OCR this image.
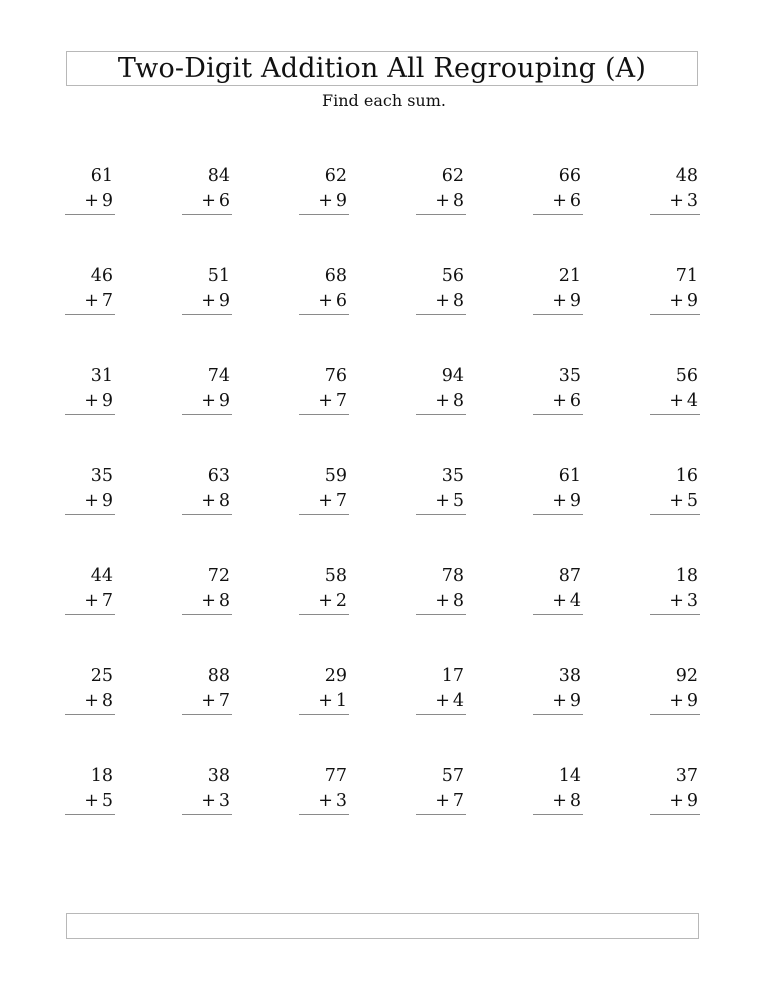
Two-Digit Addition All Regrouping (A)
Find each sum.
61
+ 9
84
+ 6
62
+ 9
62
+ 8
66
+ 6
48
+ 3
46
+ 7
51
+ 9
68
+ 6
56
+ 8
21
+ 9
71
+ 9
31
+ 9
74
+ 9
76
+ 7
94
+ 8
35
+ 6
56
+ 4
35
+ 9
63
+ 8
59
+ 7
35
+ 5
61
+ 9
16
+ 5
44
+ 7
72
+ 8
58
+ 2
78
+ 8
87
+ 4
18
+ 3
25
+ 8
88
+ 7
29
+ 1
17
+ 4
38
+ 9
92
+ 9
18
+ 5
38
+ 3
77
+ 3
57
+ 7
14
+ 8
37
+ 9
